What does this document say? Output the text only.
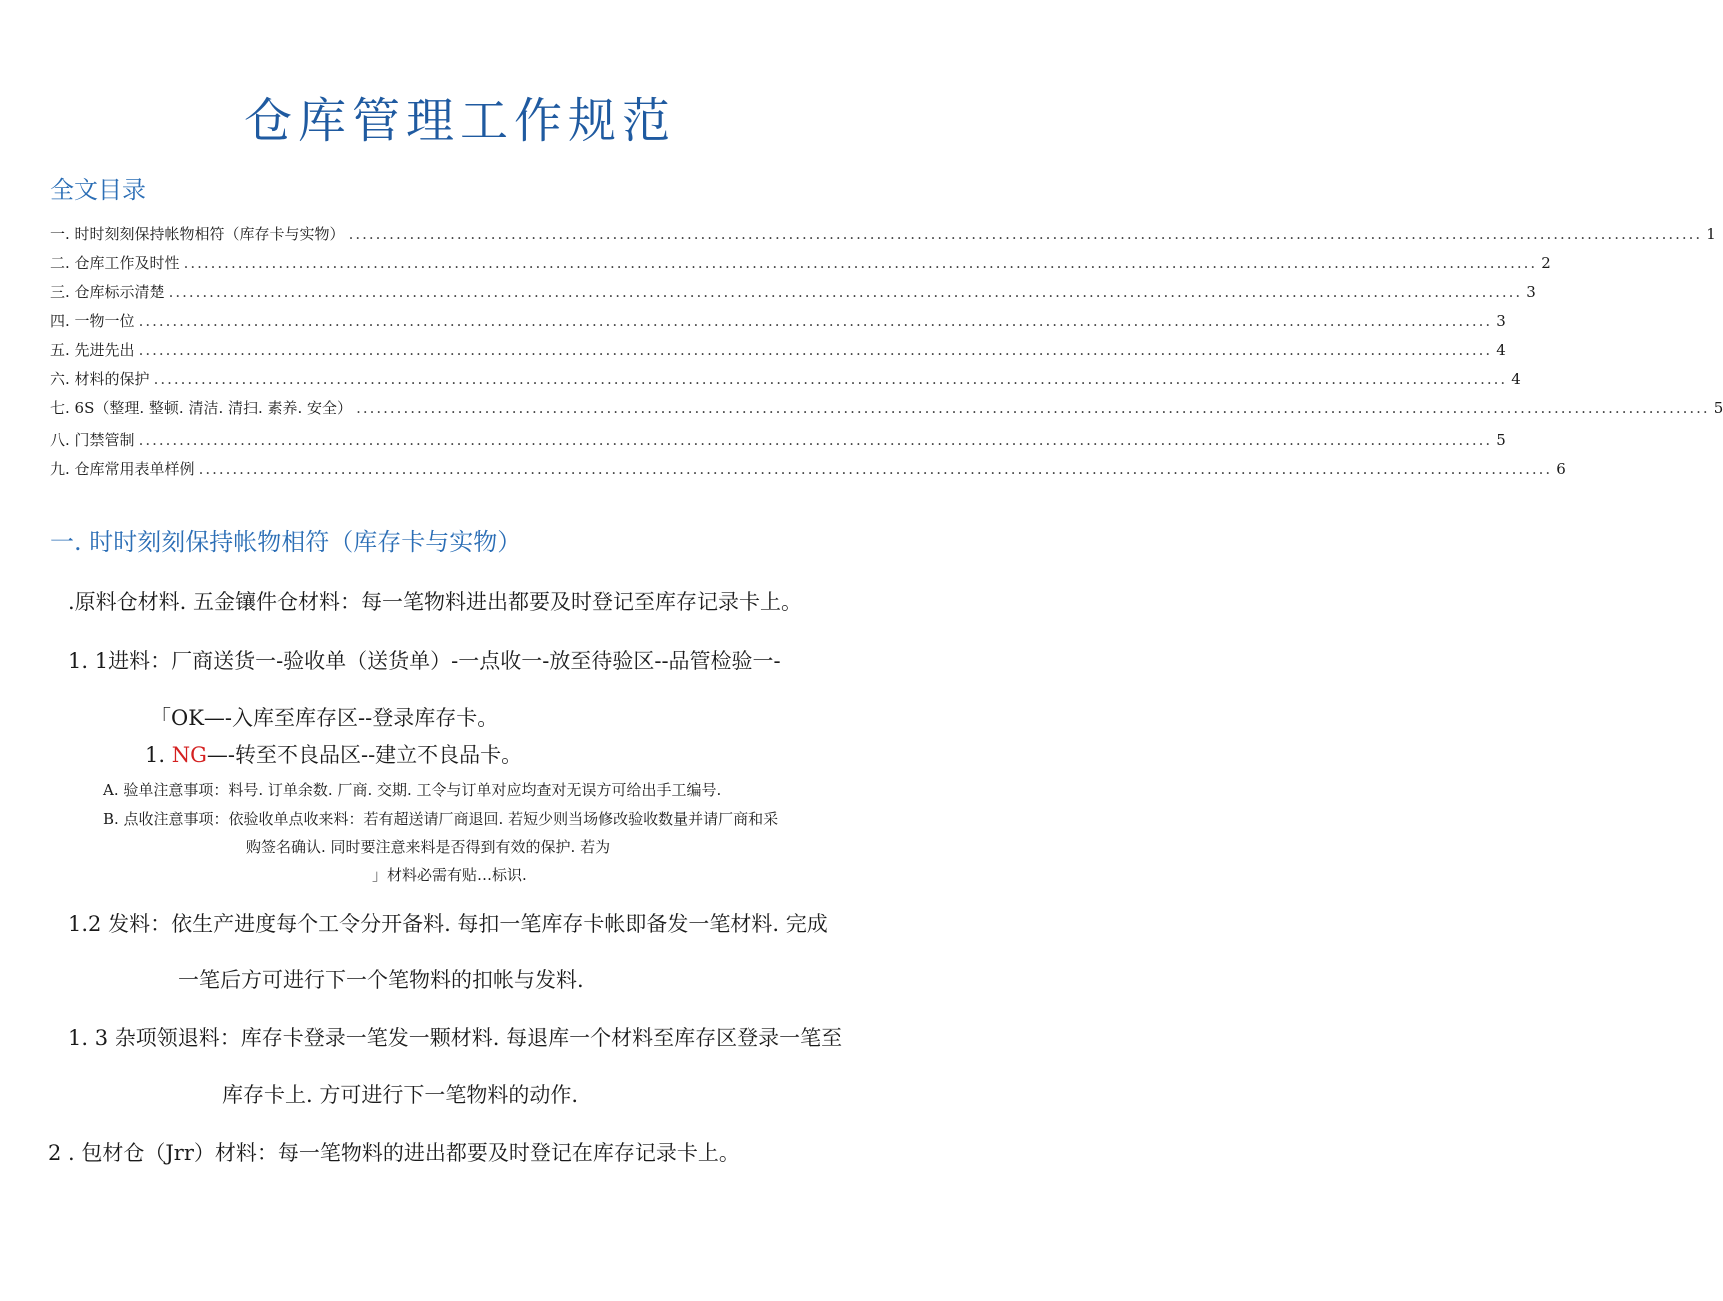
仓库管理工作规范
全文目录
一 . 时时刻刻保持帐物相符（库存卡与实物） ........................................................................................................................................................................................................ 1
二 . 仓库工作及时性 ........................................................................................................................................................................................................ 2
三 . 仓库标示清楚 ........................................................................................................................................................................................................ 3
四 . 一物一位 ........................................................................................................................................................................................................ 3
五 . 先进先出 ........................................................................................................................................................................................................ 4
六 . 材料的保护 ........................................................................................................................................................................................................ 4
七 . 6S（整理. 整顿. 清洁. 清扫. 素养. 安全） ........................................................................................................................................................................................................ 5
八 . 门禁管制 ........................................................................................................................................................................................................ 5
九 . 仓库常用表单样例 ........................................................................................................................................................................................................ 6
一. 时时刻刻保持帐物相符（库存卡与实物）
.原料仓材料. 五金镶件仓材料：每一笔物料进出都要及时登记至库存记录卡上。
1. 1进料：厂商送货一-验收单（送货单）-一点收一-放至待验区--品管检验一-
「OK—-入库至库存区--登录库存卡。
1. NG—-转至不良品区--建立不良品卡。
A. 验单注意事项：料号. 订单余数. 厂商. 交期. 工令与订单对应均查对无误方可给出手工编号.
B. 点收注意事项：依验收单点收来料：若有超送请厂商退回. 若短少则当场修改验收数量并请厂商和采
购签名确认. 同时要注意来料是否得到有效的保护. 若为
」材料必需有贴…标识.
1.2 发料：依生产进度每个工令分开备料. 每扣一笔库存卡帐即备发一笔材料. 完成
一笔后方可进行下一个笔物料的扣帐与发料.
1. 3 杂项领退料：库存卡登录一笔发一颗材料. 每退库一个材料至库存区登录一笔至
库存卡上. 方可进行下一笔物料的动作.
2 . 包材仓（Jrr）材料：每一笔物料的进出都要及时登记在库存记录卡上。
